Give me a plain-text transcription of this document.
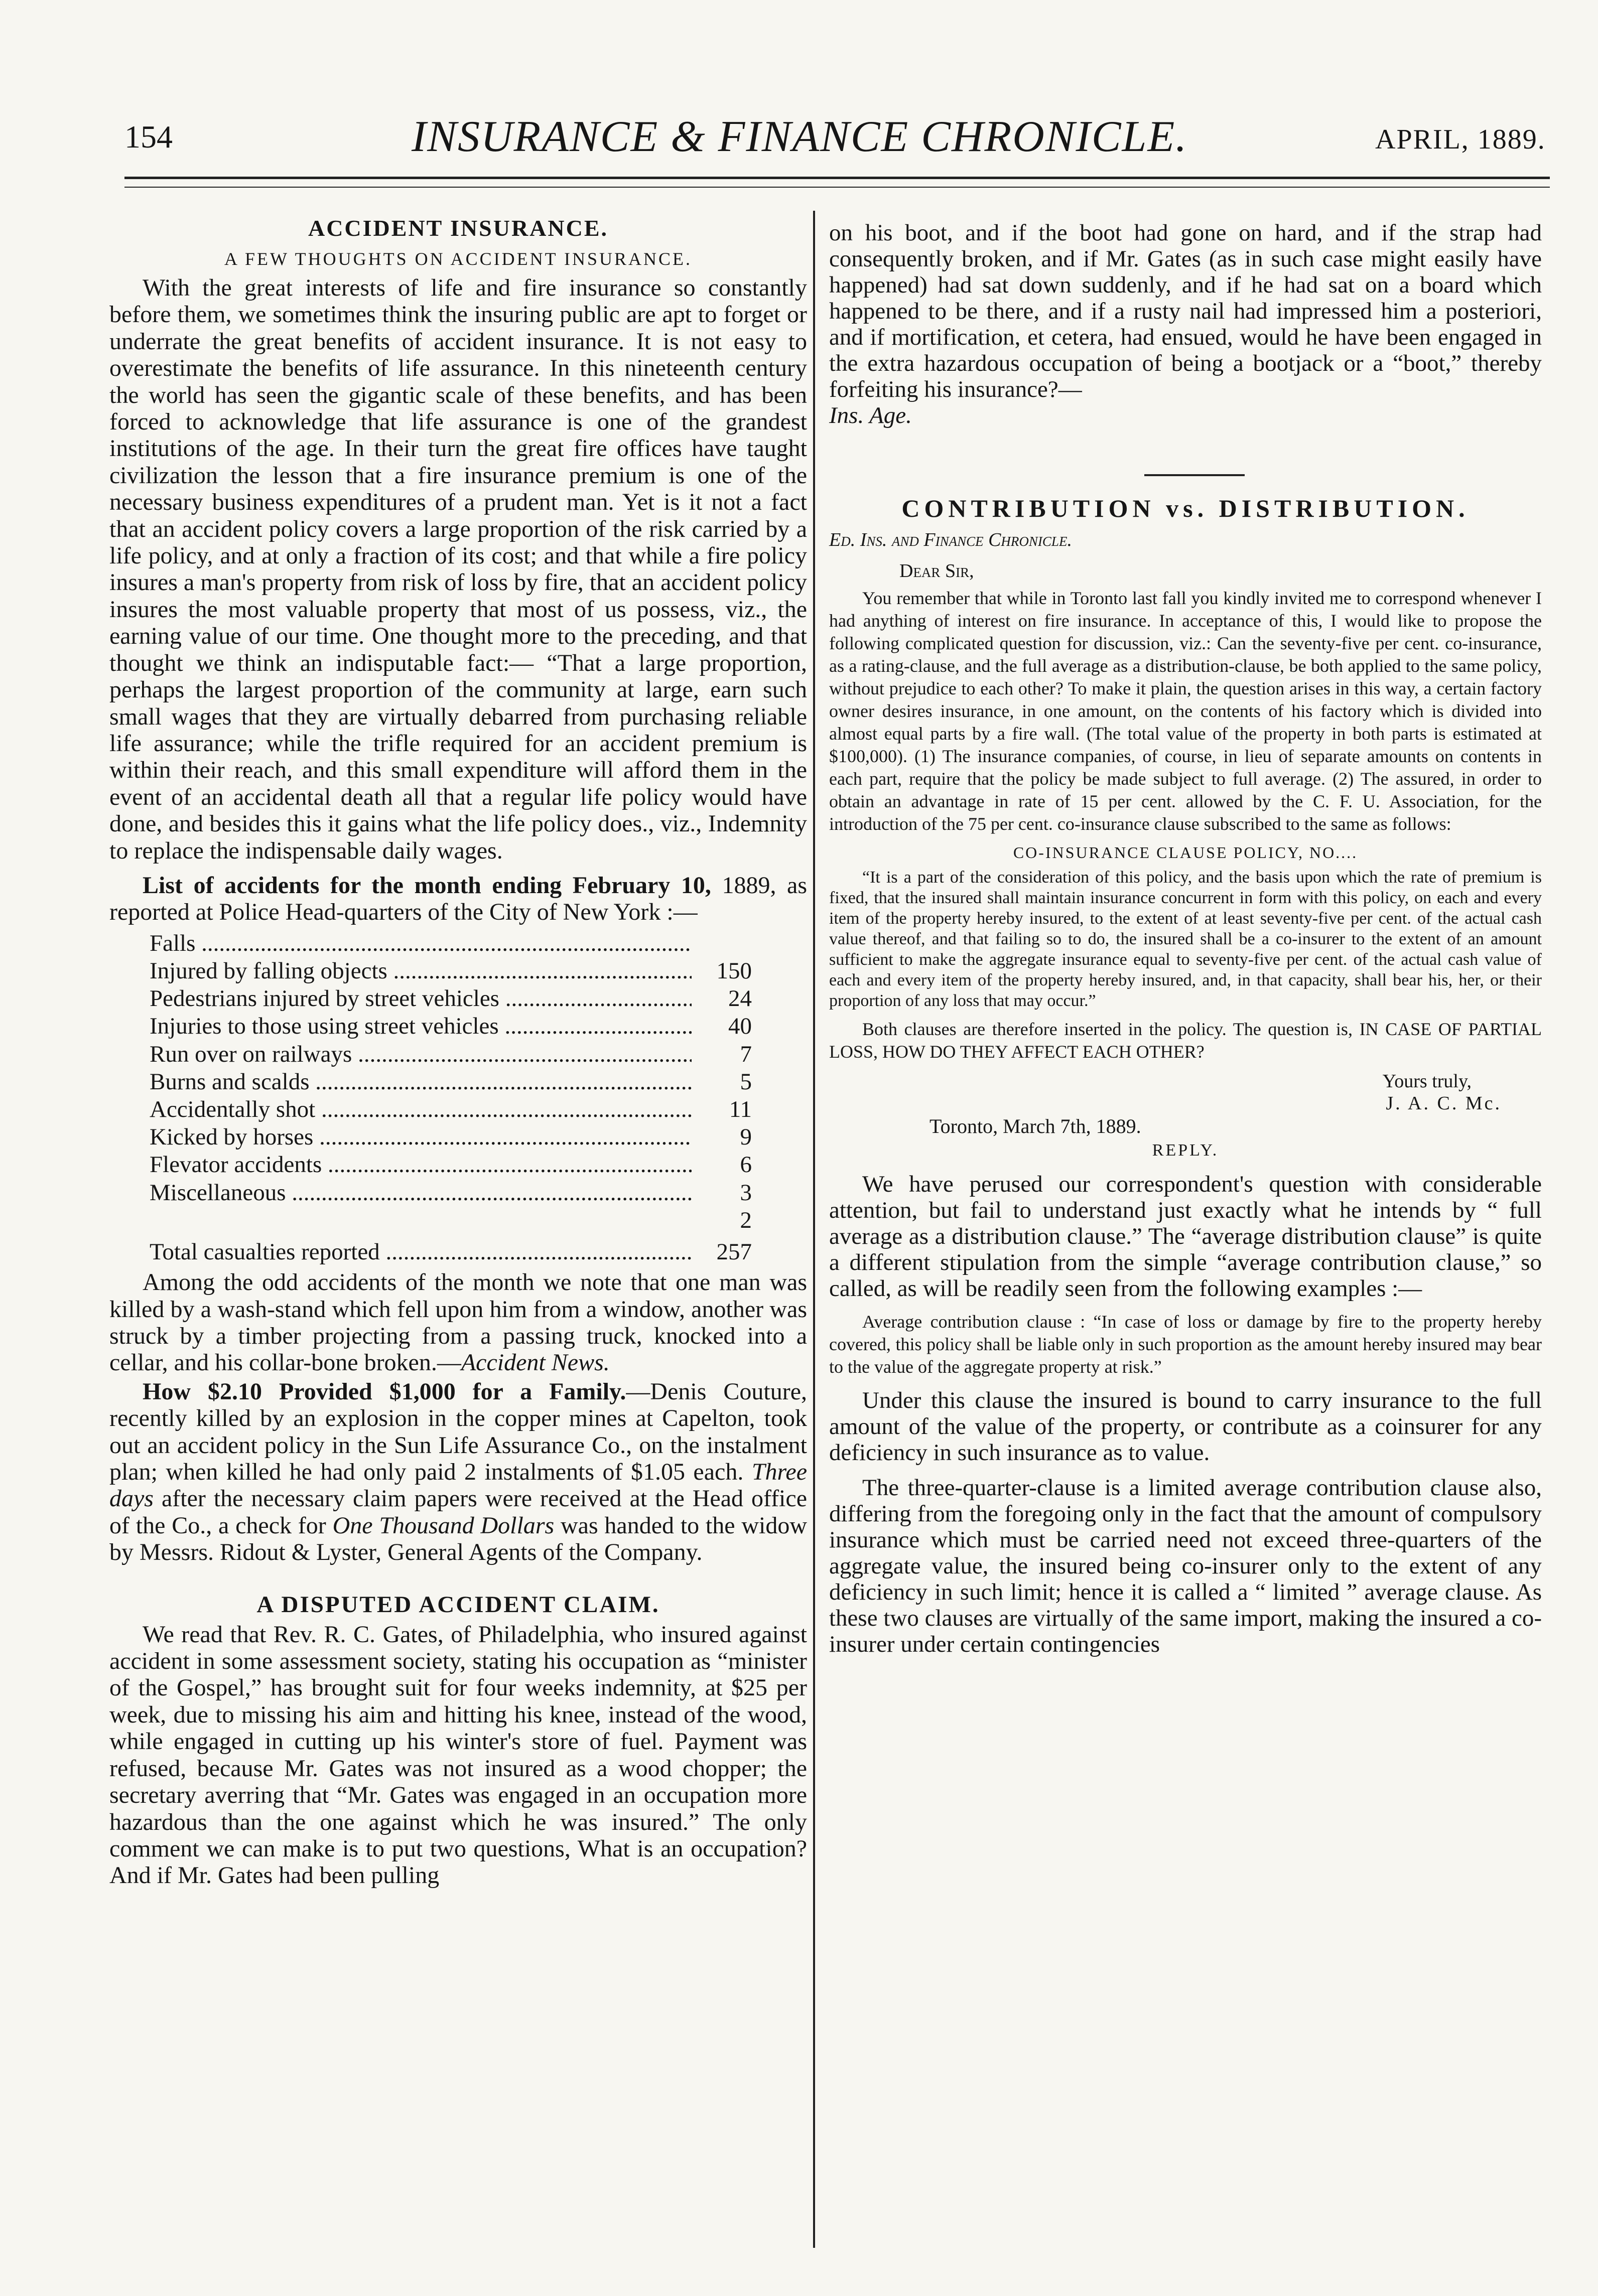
154	INSURANCE & FINANCE CHRONICLE.	APRIL, 1889.
ACCIDENT INSURANCE.
A FEW THOUGHTS ON ACCIDENT INSURANCE.

With the great interests of life and fire insurance so constantly before them, we sometimes think the insuring public are apt to forget or underrate the great benefits of accident insurance. It is not easy to overestimate the benefits of life assurance. In this nineteenth century the world has seen the gigantic scale of these benefits, and has been forced to acknowledge that life assurance is one of the grandest institutions of the age. In their turn the great fire offices have taught civilization the lesson that a fire insurance premium is one of the necessary business expenditures of a prudent man. Yet is it not a fact that an accident policy covers a large proportion of the risk carried by a life policy, and at only a fraction of its cost; and that while a fire policy insures a man's property from risk of loss by fire, that an accident policy insures the most valuable property that most of us possess, viz., the earning value of our time. One thought more to the preceding, and that thought we think an indisputable fact:— “That a large proportion, perhaps the largest proportion of the community at large, earn such small wages that they are virtually debarred from purchasing reliable life assurance; while the trifle required for an accident premium is within their reach, and this small expenditure will afford them in the event of an accidental death all that a regular life policy would have done, and besides this it gains what the life policy does., viz., Indemnity to replace the indispensable daily wages.

List of accidents for the month ending February 10, 1889, as reported at Police Head-quarters of the City of New York :—

Falls .....
Injured by falling objects .....	150
Pedestrians injured by street vehicles .....	24
Injuries to those using street vehicles .....	40
Run over on railways .....	7
Burns and scalds .....	5
Accidentally shot .....	11
Kicked by horses .....	9
Flevator accidents .....	6
Miscellaneous .....	3
2
Total casualties reported .....	257

Among the odd accidents of the month we note that one man was killed by a wash-stand which fell upon him from a window, another was struck by a timber projecting from a passing truck, knocked into a cellar, and his collar-bone broken.—Accident News.

How $2.10 Provided $1,000 for a Family.—Denis Couture, recently killed by an explosion in the copper mines at Capelton, took out an accident policy in the Sun Life Assurance Co., on the instalment plan; when killed he had only paid 2 instalments of $1.05 each. Three days after the necessary claim papers were received at the Head office of the Co., a check for One Thousand Dollars was handed to the widow by Messrs. Ridout & Lyster, General Agents of the Company.

A DISPUTED ACCIDENT CLAIM.

We read that Rev. R. C. Gates, of Philadelphia, who insured against accident in some assessment society, stating his occupation as “minister of the Gospel,” has brought suit for four weeks indemnity, at $25 per week, due to missing his aim and hitting his knee, instead of the wood, while engaged in cutting up his winter's store of fuel. Payment was refused, because Mr. Gates was not insured as a wood chopper; the secretary averring that “Mr. Gates was engaged in an occupation more hazardous than the one against which he was insured.” The only comment we can make is to put two questions, What is an occupation? And if Mr. Gates had been pulling

on his boot, and if the boot had gone on hard, and if the strap had consequently broken, and if Mr. Gates (as in such case might easily have happened) had sat down suddenly, and if he had sat on a board which happened to be there, and if a rusty nail had impressed him a posteriori, and if mortification, et cetera, had ensued, would he have been engaged in the extra hazardous occupation of being a bootjack or a “boot,” thereby forfeiting his insurance?—
Ins. Age.

CONTRIBUTION vs. DISTRIBUTION.
Ed. Ins. and Finance Chronicle.
Dear Sir,

You remember that while in Toronto last fall you kindly invited me to correspond whenever I had anything of interest on fire insurance. In acceptance of this, I would like to propose the following complicated question for discussion, viz.: Can the seventy-five per cent. co-insurance, as a rating-clause, and the full average as a distribution-clause, be both applied to the same policy, without prejudice to each other? To make it plain, the question arises in this way, a certain factory owner desires insurance, in one amount, on the contents of his factory which is divided into almost equal parts by a fire wall. (The total value of the property in both parts is estimated at $100,000). (1) The insurance companies, of course, in lieu of separate amounts on contents in each part, require that the policy be made subject to full average. (2) The assured, in order to obtain an advantage in rate of 15 per cent. allowed by the C. F. U. Association, for the introduction of the 75 per cent. co-insurance clause subscribed to the same as follows:

CO-INSURANCE CLAUSE POLICY, NO....

“It is a part of the consideration of this policy, and the basis upon which the rate of premium is fixed, that the insured shall maintain insurance concurrent in form with this policy, on each and every item of the property hereby insured, to the extent of at least seventy-five per cent. of the actual cash value thereof, and that failing so to do, the insured shall be a co-insurer to the extent of an amount sufficient to make the aggregate insurance equal to seventy-five per cent. of the actual cash value of each and every item of the property hereby insured, and, in that capacity, shall bear his, her, or their proportion of any loss that may occur.”

Both clauses are therefore inserted in the policy. The question is, IN CASE OF PARTIAL LOSS, HOW DO THEY AFFECT EACH OTHER?

Yours truly,
J. A. C. Mc.
Toronto, March 7th, 1889.
REPLY.

We have perused our correspondent's question with considerable attention, but fail to understand just exactly what he intends by “ full average as a distribution clause.” The “average distribution clause” is quite a different stipulation from the simple “average contribution clause,” so called, as will be readily seen from the following examples :—

Average contribution clause : “In case of loss or damage by fire to the property hereby covered, this policy shall be liable only in such proportion as the amount hereby insured may bear to the value of the aggregate property at risk.”

Under this clause the insured is bound to carry insurance to the full amount of the value of the property, or contribute as a coinsurer for any deficiency in such insurance as to value.

The three-quarter-clause is a limited average contribution clause also, differing from the foregoing only in the fact that the amount of compulsory insurance which must be carried need not exceed three-quarters of the aggregate value, the insured being co-insurer only to the extent of any deficiency in such limit; hence it is called a “ limited ” average clause. As these two clauses are virtually of the same import, making the insured a co-insurer under certain contingencies
